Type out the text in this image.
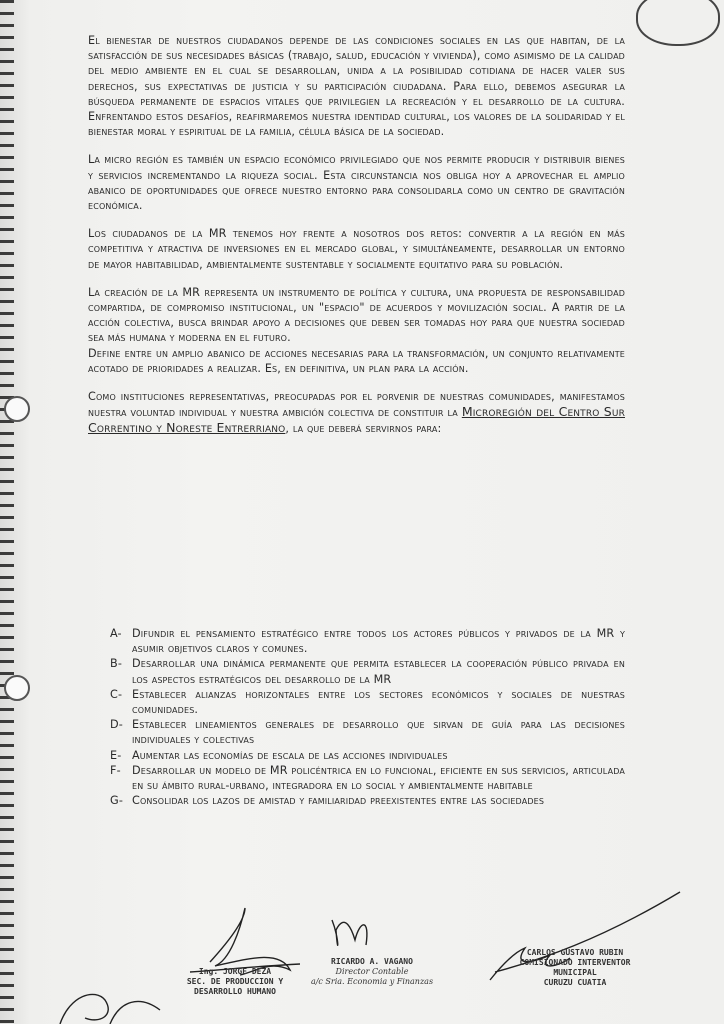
El bienestar de nuestros ciudadanos depende de las condiciones sociales en las que habitan, de la satisfacción de sus necesidades básicas (trabajo, salud, educación y vivienda), como asimismo de la calidad del medio ambiente en el cual se desarrollan, unida a la posibilidad cotidiana de hacer valer sus derechos, sus expectativas de justicia y su participación ciudadana. Para ello, debemos asegurar la búsqueda permanente de espacios vitales que privilegien la recreación y el desarrollo de la cultura. Enfrentando estos desafíos, reafirmaremos nuestra identidad cultural, los valores de la solidaridad y el bienestar moral y espiritual de la familia, célula básica de la sociedad.

La micro región es también un espacio económico privilegiado que nos permite producir y distribuir bienes y servicios incrementando la riqueza social. Esta circunstancia nos obliga hoy a aprovechar el amplio abanico de oportunidades que ofrece nuestro entorno para consolidarla como un centro de gravitación económica.

Los ciudadanos de la MR tenemos hoy frente a nosotros dos retos: convertir a la región en más competitiva y atractiva de inversiones en el mercado global, y simultáneamente, desarrollar un entorno de mayor habitabilidad, ambientalmente sustentable y socialmente equitativo para su población.

La creación de la MR representa un instrumento de política y cultura, una propuesta de responsabilidad compartida, de compromiso institucional, un "espacio" de acuerdos y movilización social. A partir de la acción colectiva, busca brindar apoyo a decisiones que deben ser tomadas hoy para que nuestra sociedad sea más humana y moderna en el futuro.

Define entre un amplio abanico de acciones necesarias para la transformación, un conjunto relativamente acotado de prioridades a realizar. Es, en definitiva, un plan para la acción.

Como instituciones representativas, preocupadas por el porvenir de nuestras comunidades, manifestamos nuestra voluntad individual y nuestra ambición colectiva de constituir la Microregión del Centro Sur Correntino y Noreste Entrerriano, la que deberá servirnos para:

A- Difundir el pensamiento estratégico entre todos los actores públicos y privados de la MR y asumir objetivos claros y comunes.
B- Desarrollar una dinámica permanente que permita establecer la cooperación público privada en los aspectos estratégicos del desarrollo de la MR
C- Establecer alianzas horizontales entre los sectores económicos y sociales de nuestras comunidades.
D- Establecer lineamientos generales de desarrollo que sirvan de guía para las decisiones individuales y colectivas
E- Aumentar las economías de escala de las acciones individuales
F- Desarrollar un modelo de MR policéntrica en lo funcional, eficiente en sus servicios, articulada en su ámbito rural-urbano, integradora en lo social y ambientalmente habitable
G- Consolidar los lazos de amistad y familiaridad preexistentes entre las sociedades
Ing. JORGE DEZA
SEC. DE PRODUCCION Y
DESARROLLO HUMANO
RICARDO A. VAGANO
Director Contable
a/c Sria. Economia y Finanzas
CARLOS GUSTAVO RUBIN
COMISIONADO INTERVENTOR
MUNICIPAL
CURUZU CUATIA
